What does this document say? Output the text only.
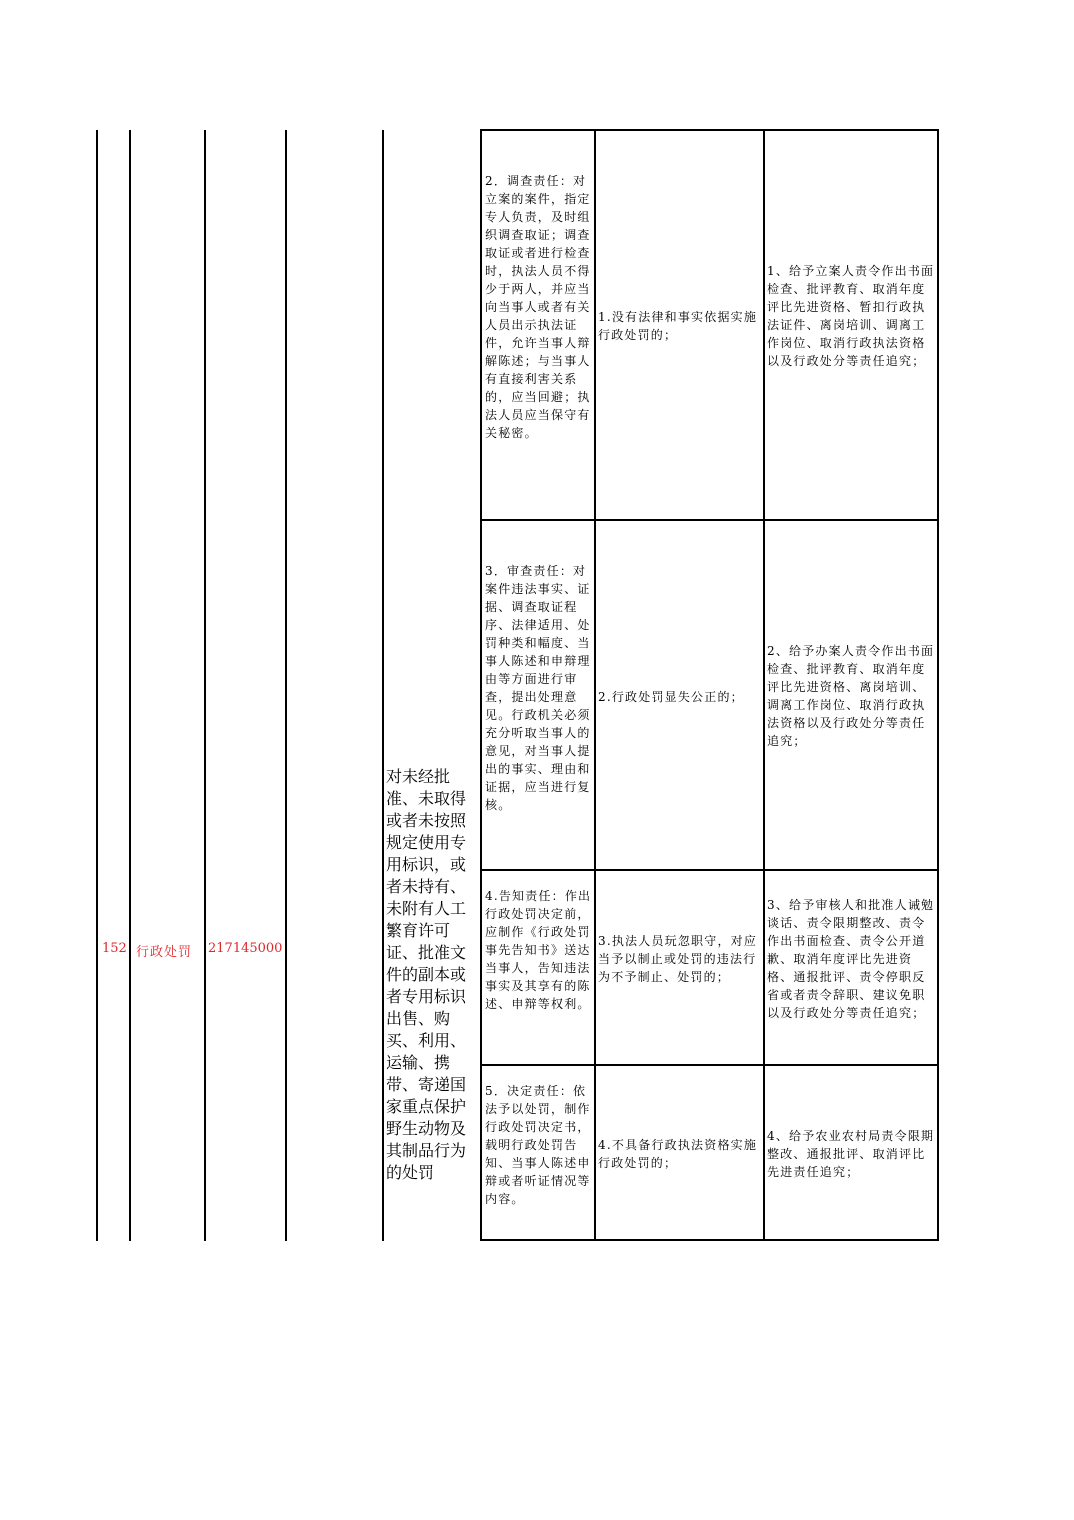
152 行政处罚 217145000
对未经批准、未取得或者未按照规定使用专用标识，或者未持有、未附有人工繁育许可证、批准文件的副本或者专用标识出售、购买、利用、运输、携带、寄递国家重点保护野生动物及其制品行为的处罚
2．调查责任：对立案的案件，指定专人负责，及时组织调查取证；调查取证或者进行检查时，执法人员不得少于两人，并应当向当事人或者有关人员出示执法证件，允许当事人辩解陈述；与当事人有直接利害关系的，应当回避；执法人员应当保守有关秘密。
1.没有法律和事实依据实施行政处罚的；
1、给予立案人责令作出书面检查、批评教育、取消年度评比先进资格、暂扣行政执法证件、离岗培训、调离工作岗位、取消行政执法资格以及行政处分等责任追究；
3．审查责任：对案件违法事实、证据、调查取证程序、法律适用、处罚种类和幅度、当事人陈述和申辩理由等方面进行审查，提出处理意见。行政机关必须充分听取当事人的意见，对当事人提出的事实、理由和证据，应当进行复核。
2.行政处罚显失公正的；
2、给予办案人责令作出书面检查、批评教育、取消年度评比先进资格、离岗培训、调离工作岗位、取消行政执法资格以及行政处分等责任追究；
4.告知责任：作出行政处罚决定前，应制作《行政处罚事先告知书》送达当事人，告知违法事实及其享有的陈述、申辩等权利。
3.执法人员玩忽职守，对应当予以制止或处罚的违法行为不予制止、处罚的；
3、给予审核人和批准人诫勉谈话、责令限期整改、责令作出书面检查、责令公开道歉、取消年度评比先进资格、通报批评、责令停职反省或者责令辞职、建议免职以及行政处分等责任追究；
5．决定责任：依法予以处罚，制作行政处罚决定书，载明行政处罚告知、当事人陈述申辩或者听证情况等内容。
4.不具备行政执法资格实施行政处罚的；
4、给予农业农村局责令限期整改、通报批评、取消评比先进责任追究；
